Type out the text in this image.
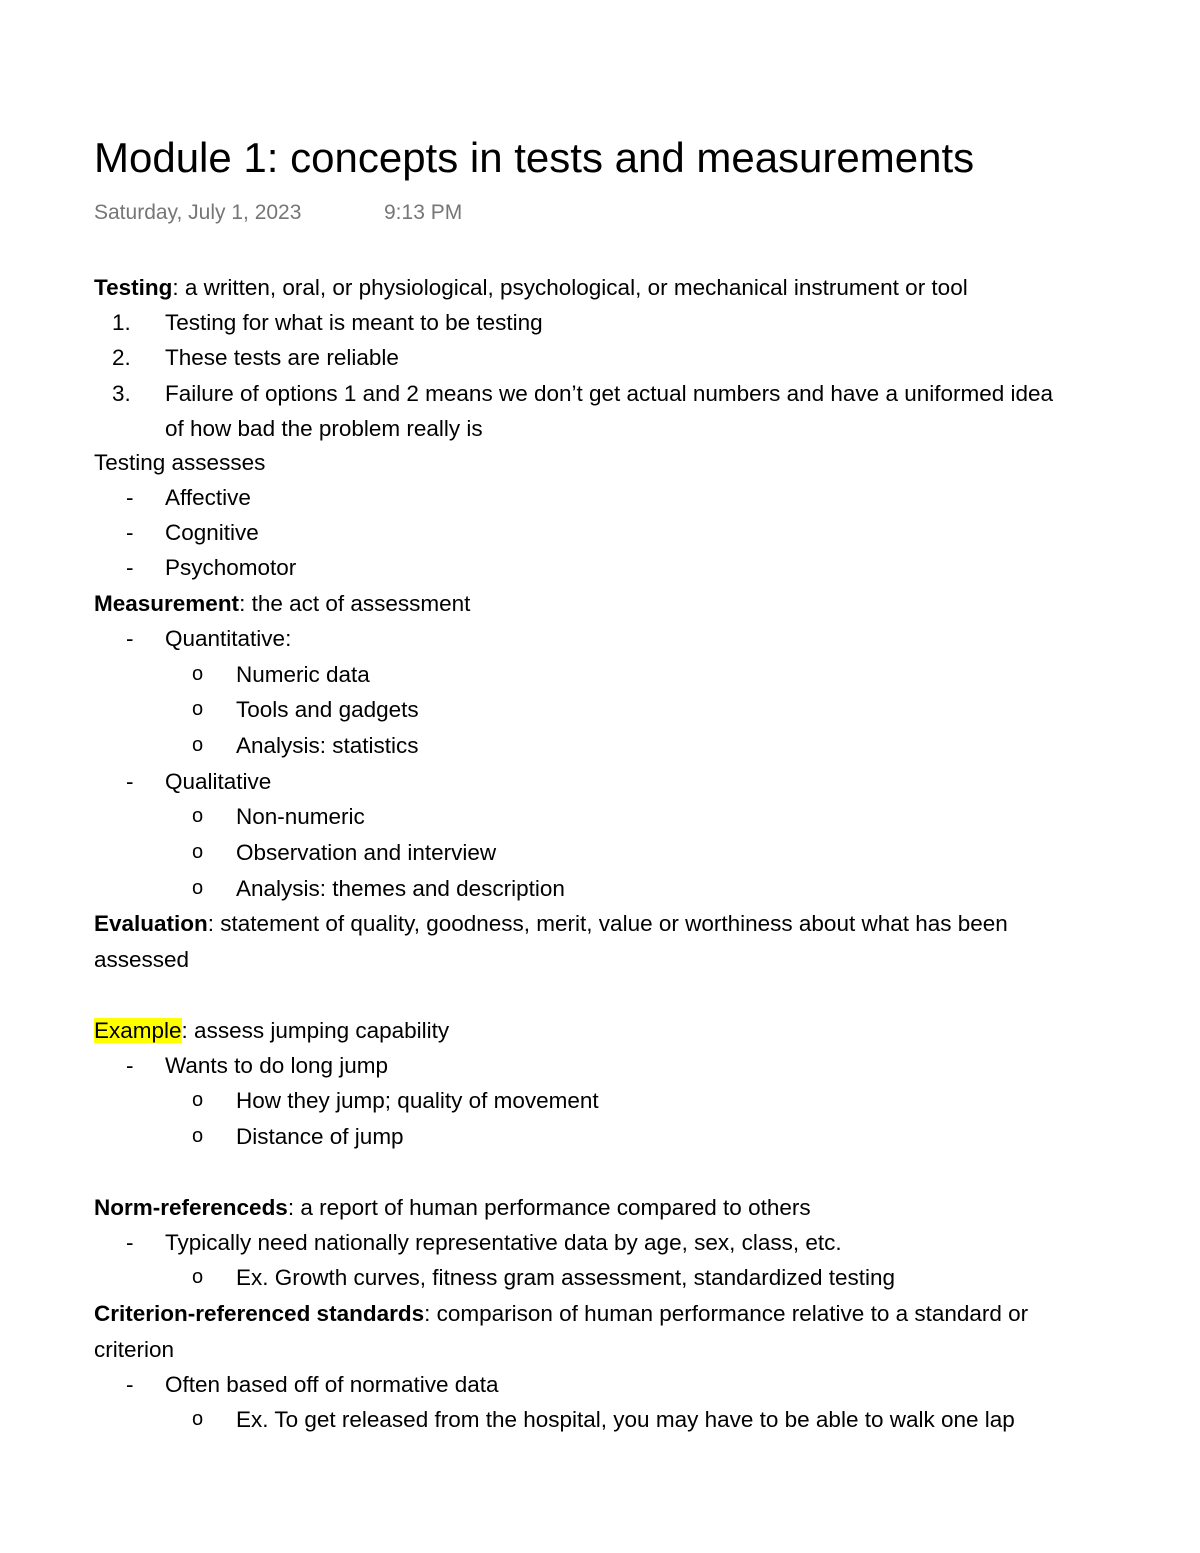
Module 1: concepts in tests and measurements
Saturday, July 1, 2023	9:13 PM
Testing: a written, oral, or physiological, psychological, or mechanical instrument or tool
1. Testing for what is meant to be testing
2. These tests are reliable
3. Failure of options 1 and 2 means we don’t get actual numbers and have a uniformed idea
of how bad the problem really is
Testing assesses
- Affective
- Cognitive
- Psychomotor
Measurement: the act of assessment
- Quantitative:
o Numeric data
o Tools and gadgets
o Analysis: statistics
- Qualitative
o Non-numeric
o Observation and interview
o Analysis: themes and description
Evaluation: statement of quality, goodness, merit, value or worthiness about what has been
assessed
Example: assess jumping capability
- Wants to do long jump
o How they jump; quality of movement
o Distance of jump
Norm-referenceds: a report of human performance compared to others
- Typically need nationally representative data by age, sex, class, etc.
o Ex. Growth curves, fitness gram assessment, standardized testing
Criterion-referenced standards: comparison of human performance relative to a standard or
criterion
- Often based off of normative data
o Ex. To get released from the hospital, you may have to be able to walk one lap
